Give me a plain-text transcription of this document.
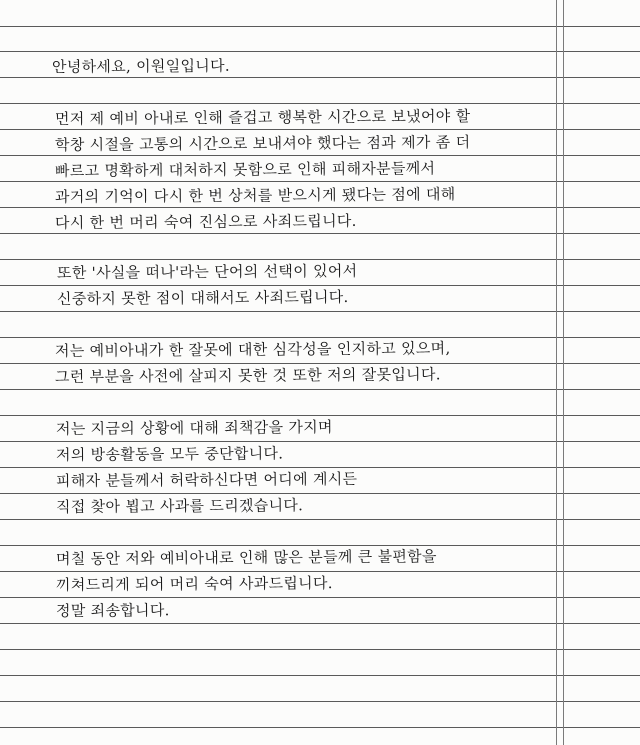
안녕하세요, 이원일입니다.

먼저 제 예비 아내로 인해 즐겁고 행복한 시간으로 보냈어야 할

학창 시절을 고통의 시간으로 보내셔야 했다는 점과 제가 좀 더

빠르고 명확하게 대처하지 못함으로 인해 피해자분들께서

과거의 기억이 다시 한 번 상처를 받으시게 됐다는 점에 대해

다시 한 번 머리 숙여 진심으로 사죄드립니다.

또한 '사실을 떠나'라는 단어의 선택이 있어서

신중하지 못한 점이 대해서도 사죄드립니다.

저는 예비아내가 한 잘못에 대한 심각성을 인지하고 있으며,

그런 부분을 사전에 살피지 못한 것 또한 저의 잘못입니다.

저는 지금의 상황에 대해 죄책감을 가지며

저의 방송활동을 모두 중단합니다.

피해자 분들께서 허락하신다면 어디에 계시든

직접 찾아 뵙고 사과를 드리겠습니다.

며칠 동안 저와 예비아내로 인해 많은 분들께 큰 불편함을

끼쳐드리게 되어 머리 숙여 사과드립니다.

정말 죄송합니다.
